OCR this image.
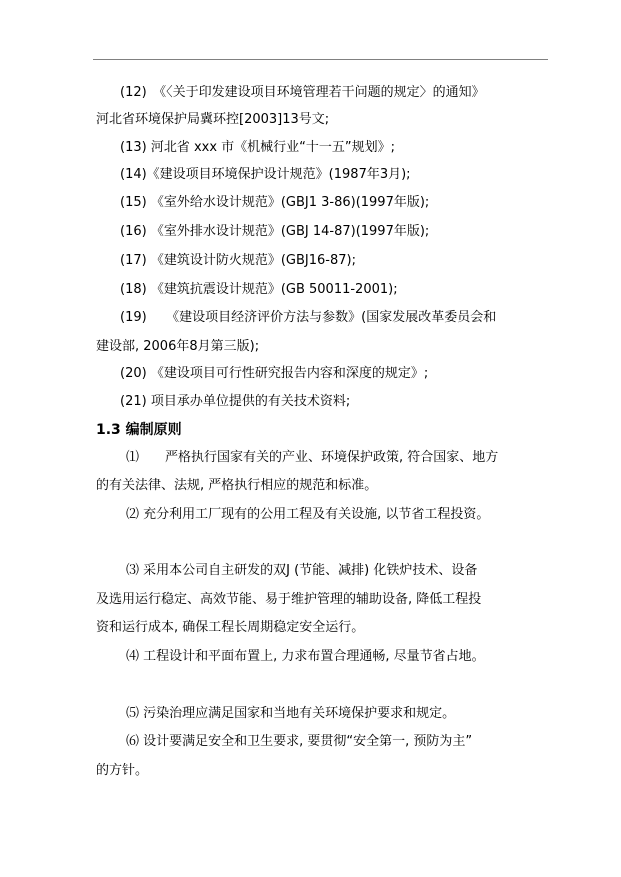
(12)　《〈关于印发建设项目环境管理若干问题的规定〉的通知》
河北省环境保护局冀环控[2003]13号文;
(13) 河北省 xxx 市《机械行业“十一五”规划》;
(14)《建设项目环境保护设计规范》(1987年3月);
(15) 《室外给水设计规范》(GBJ1 3-86)(1997年版);
(16) 《室外排水设计规范》(GBJ 14-87)(1997年版);
(17) 《建筑设计防火规范》(GBJ16-87);
(18) 《建筑抗震设计规范》(GB 50011-2001);
(19)　　《建设项目经济评价方法与参数》(国家发展改革委员会和
建设部, 2006年8月第三版);
(20) 《建设项目可行性研究报告内容和深度的规定》;
(21) 项目承办单位提供的有关技术资料;
1.3 编制原则
⑴　　严格执行国家有关的产业、环境保护政策, 符合国家、地方
的有关法律、法规, 严格执行相应的规范和标准。
⑵ 充分利用工厂现有的公用工程及有关设施, 以节省工程投资。
⑶ 采用本公司自主研发的双J (节能、减排) 化铁炉技术、设备
及选用运行稳定、高效节能、易于维护管理的辅助设备, 降低工程投
资和运行成本, 确保工程长周期稳定安全运行。
⑷ 工程设计和平面布置上, 力求布置合理通畅, 尽量节省占地。
⑸ 污染治理应满足国家和当地有关环境保护要求和规定。
⑹ 设计要满足安全和卫生要求, 要贯彻“安全第一, 预防为主”
的方针。
